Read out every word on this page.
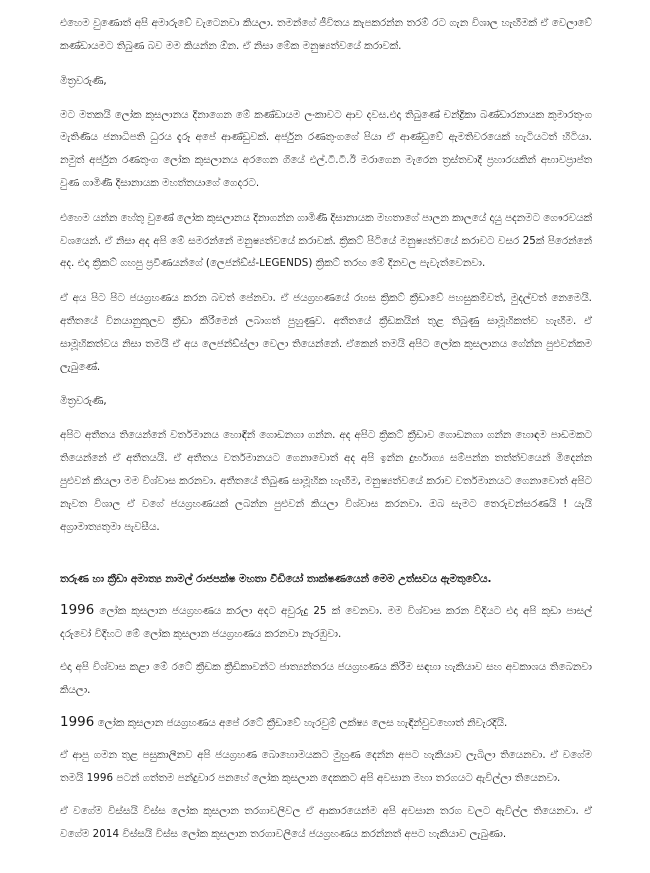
එහෙම වුණොත් අපි අමාරුවේ වැටෙනවා කියලා. තමන්ගේ ජීවිතය කැපකරන්න තරම් රට ගැන විශාල හැඟීමක් ඒ වෙලාවේ කණ්ඩායමට තිබුණ බව මම කියන්න ඕන. ඒ නිසා මේක මනුෂ්‍යත්වයේ කරාවක්.

මිත්‍රවරුණි,

මට මතකයි ලෝක කුසලානය දිනාගෙන මේ කණ්ඩායම ලංකාවට ආව දවස.එදා තිබුණේ චන්ද්‍රිකා බණ්ඩාරනායක කුමාරතුංග මැතිණිය ජනාධිපති ධුරය දැරූ අපේ ආණ්ඩුවක්. අර්ජුන රණතුංගගේ පියා ඒ ආණ්ඩුවේ ඇමතිවරයෙක් හැටියටත් හිටියා. නමුත් අර්ජුන රණතුංග ලෝක කුසලානය අරගෙන ගියේ එල්.ටී.ටී.ඊ මරාගෙන මැරෙන ත්‍රස්තවාදී ප්‍රහාරයකින් අභාවප්‍රාප්ත වුණ ගාමිණී දිසානායක මහත්තයාගේ ගෙදරට.

එහෙම යන්න හේතු වුණේ ලෝක කුසලානය දිනාගන්න ගාමිණී දිසානායක මහතාගේ පාලන කාලයේ දායු පදනමට ගෞරවයක් වශයෙන්. ඒ නිසා අද අපි මේ සමරන්නේ මනුෂ්‍යත්වයේ කරාවක්. ක්‍රිකට් පිටියේ මනුෂ්‍යත්වයේ කරාවට වසර 25ක් පිරෙන්නේ අද. එදා ක්‍රිකට් ගහපු ප්‍රවීණයන්ගේ (ලෙජන්ඩ්ස්-LEGENDS) ක්‍රිකට් තරඟ මේ දිනවල පැවැත්වෙනවා.

ඒ අය පිට පිට ජයග්‍රහණය කරන බවත් පේනවා. ඒ ජයග්‍රහණයේ රහස ක්‍රිකට් ක්‍රීඩාවේ පහසුකම්වත්, මුදල්වත් නෙමෙයි. අතීතයේ විනයානුකූලව ක්‍රීඩා කිරීමෙන් ලබාගත් පුහුණුව. අතීතයේ ක්‍රීඩකයින් තුළ තිබුණු සාමූහිකත්ව හැඟීම. ඒ සාමූහිකත්වය නිසා තමයි ඒ අය ලෙජන්ඩ්ස්ලා වෙලා තියෙන්නේ. ඒකෙන් තමයි අපිට ලෝක කුසලානය ගේන්න පුළුවන්කම ලැබුණේ.

මිත්‍රවරුණි,

අපිට අතීතය තියෙන්නේ වර්තමානය හොඳින් ගොඩනගා ගන්න. අද අපිට ක්‍රිකට් ක්‍රීඩාව ගොඩනගා ගන්න හොඳම පාඩමකට තියෙන්නේ ඒ අතීතයයි. ඒ අතීතය වර්තමානයට ගෙනාවොත් අද අපි ඉන්න දුර්භාග්‍ය සම්පන්න තත්ත්වයෙන් මිදෙන්න පුළුවන් කියලා මම විශ්වාස කරනවා. අතීතයේ තිබුණ සාමූහික හැඟීම, මනුෂ්‍යත්වයේ කරාව වර්තමානයට ගෙනාවොත් අපිට නැවත විශාල ඒ වගේ ජයග්‍රහණයක් ලබන්න පුළුවන් කියලා විශ්වාස කරනවා. ඔබ සැමට තෙරුවන්සරණයි ! යැයි අග්‍රාමාත්‍යතුමා පැවසීය.

තරුණ හා ක්‍රීඩා අමාත්‍ය නාමල් රාජපක්ෂ මහතා වීඩියෝ තාක්ෂණයෙන් මෙම උත්සවය ඇමතුවේය.

1996 ලෝක කුසලාන ජයග්‍රහණය කරලා අදට අවුරුදු 25 ක් වෙනවා. මම විශ්වාස කරන විදියට එදා අපි කුඩා පාසල් දරුවෝ විදිහට මේ ලෝක කුසලාන ජයග්‍රහණය කරනවා නැරඹුවා.

එදා අපි විශ්වාස කළා මේ රටේ ක්‍රීඩක ක්‍රීඩිකාවන්ට ජාත්‍යන්තරය ජයග්‍රහණය කිරීම සඳහා හැකියාව සහ අවකාශය තිබෙනවා කියලා.

1996 ලෝක කුසලාන ජයග්‍රහණය අපේ රටේ ක්‍රීඩාවේ හැරවුම් ලක්ෂ්‍ය ලෙස හැඳින්වුවහොත් නිවැරදියි.

ඒ ආපු ගමන තුළ පසුකාලීනව අපි ජයග්‍රහණ බොහොමයකට මුහුණ දෙන්න අපට හැකියාව ලැබිලා තියෙනවා. ඒ වගේම තමයි 1996 පටන් ගත්තම පන්දුවාර පනහේ ලෝක කුසලාන දෙකකට අපි අවසාන මහා තරගයට ඇවිල්ලා තියෙනවා.

ඒ වගේම විස්සයි විස්ස ලෝක කුසලාන තරගාවලිවල ඒ ආකාරයෙන්ම අපි අවසාන තරග වලට ඇවිල්ල තියෙනවා. ඒ වගේම 2014 විස්සයි විස්ස ලෝක කුසලාන තරගාවලියේ ජයග්‍රහණය කරන්නත් අපට හැකියාව ලැබුණා.
